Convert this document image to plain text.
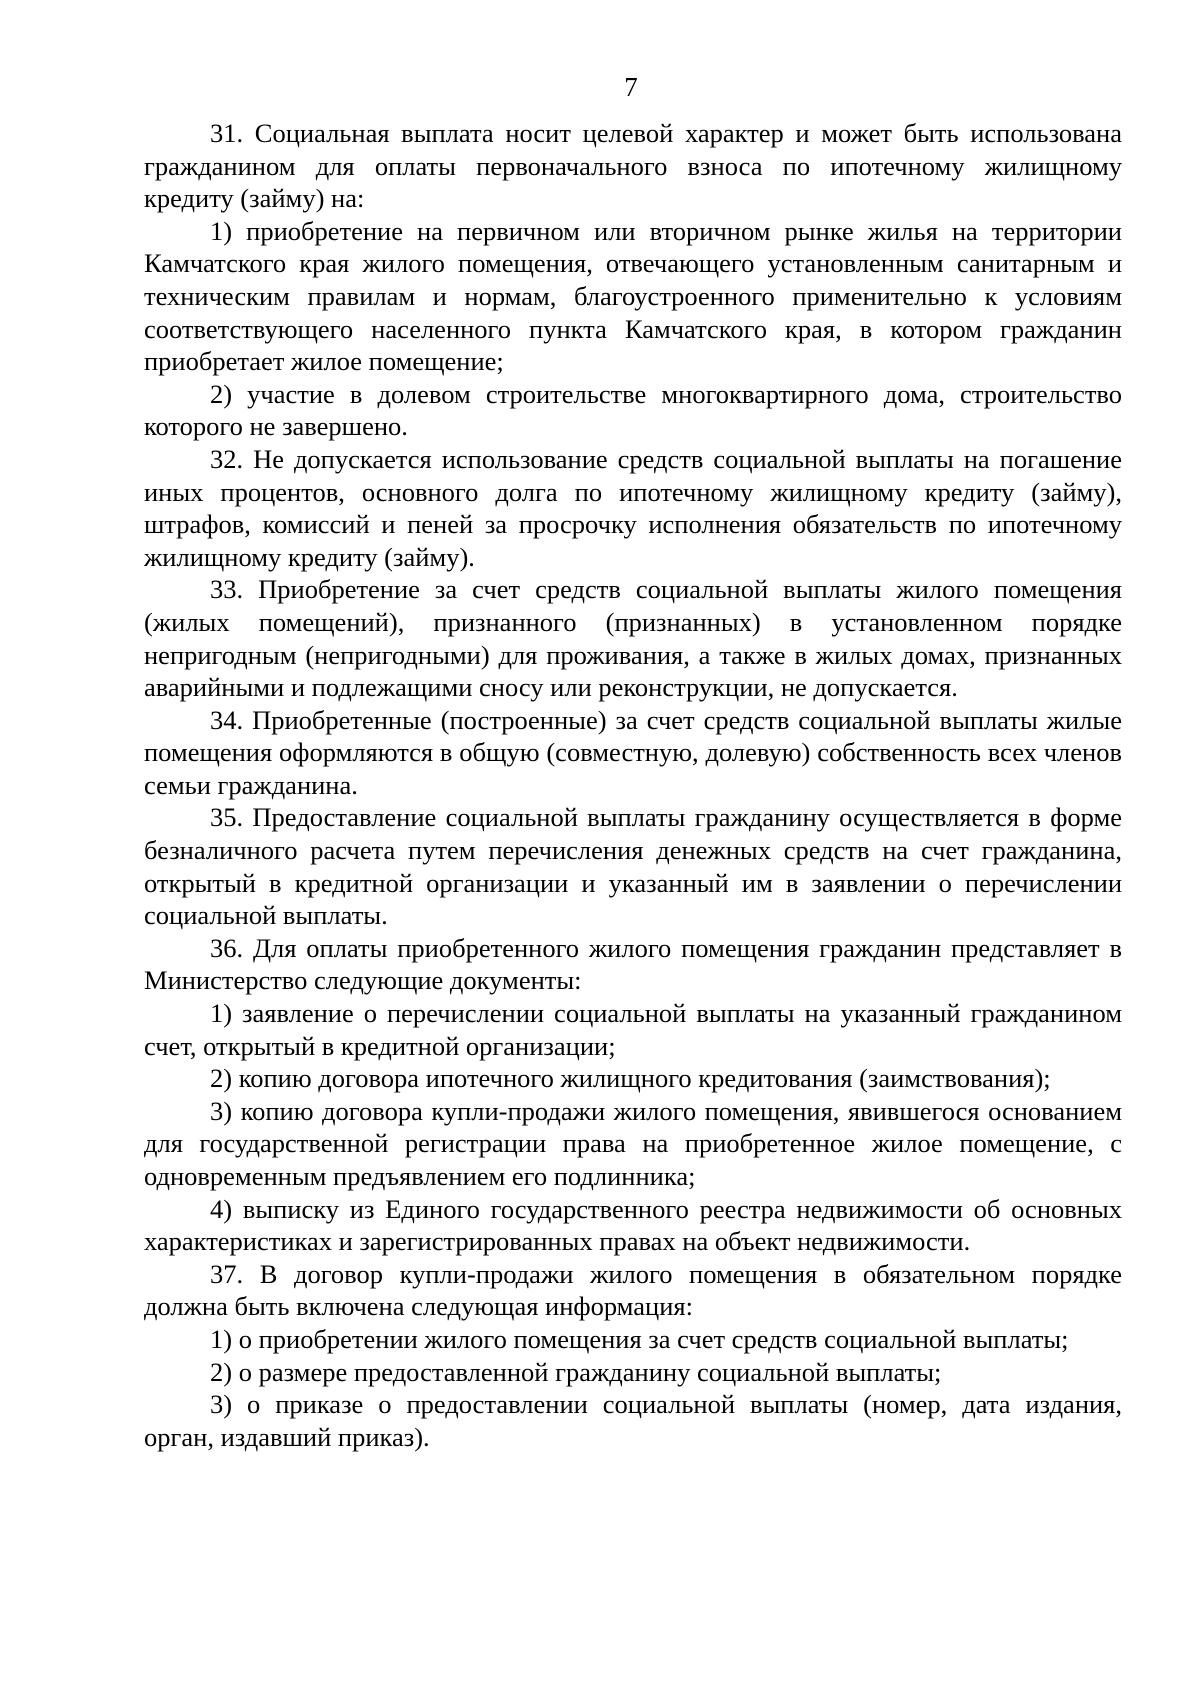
7

31. Социальная выплата носит целевой характер и может быть использована гражданином для оплаты первоначального взноса по ипотечному жилищному кредиту (займу) на:

1) приобретение на первичном или вторичном рынке жилья на территории Камчатского края жилого помещения, отвечающего установленным санитарным и техническим правилам и нормам, благоустроенного применительно к условиям соответствующего населенного пункта Камчатского края, в котором гражданин приобретает жилое помещение;

2) участие в долевом строительстве многоквартирного дома, строительство которого не завершено.

32. Не допускается использование средств социальной выплаты на погашение иных процентов, основного долга по ипотечному жилищному кредиту (займу), штрафов, комиссий и пеней за просрочку исполнения обязательств по ипотечному жилищному кредиту (займу).

33. Приобретение за счет средств социальной выплаты жилого помещения (жилых помещений), признанного (признанных) в установленном порядке непригодным (непригодными) для проживания, а также в жилых домах, признанных аварийными и подлежащими сносу или реконструкции, не допускается.

34. Приобретенные (построенные) за счет средств социальной выплаты жилые помещения оформляются в общую (совместную, долевую) собственность всех членов семьи гражданина.

35. Предоставление социальной выплаты гражданину осуществляется в форме безналичного расчета путем перечисления денежных средств на счет гражданина, открытый в кредитной организации и указанный им в заявлении о перечислении социальной выплаты.

36. Для оплаты приобретенного жилого помещения гражданин представляет в Министерство следующие документы:

1) заявление о перечислении социальной выплаты на указанный гражданином счет, открытый в кредитной организации;

2) копию договора ипотечного жилищного кредитования (заимствования);

3) копию договора купли-продажи жилого помещения, явившегося основанием для государственной регистрации права на приобретенное жилое помещение, с одновременным предъявлением его подлинника;

4) выписку из Единого государственного реестра недвижимости об основных характеристиках и зарегистрированных правах на объект недвижимости.

37. В договор купли-продажи жилого помещения в обязательном порядке должна быть включена следующая информация:

1) о приобретении жилого помещения за счет средств социальной выплаты;

2) о размере предоставленной гражданину социальной выплаты;

3) о приказе о предоставлении социальной выплаты (номер, дата издания, орган, издавший приказ).
